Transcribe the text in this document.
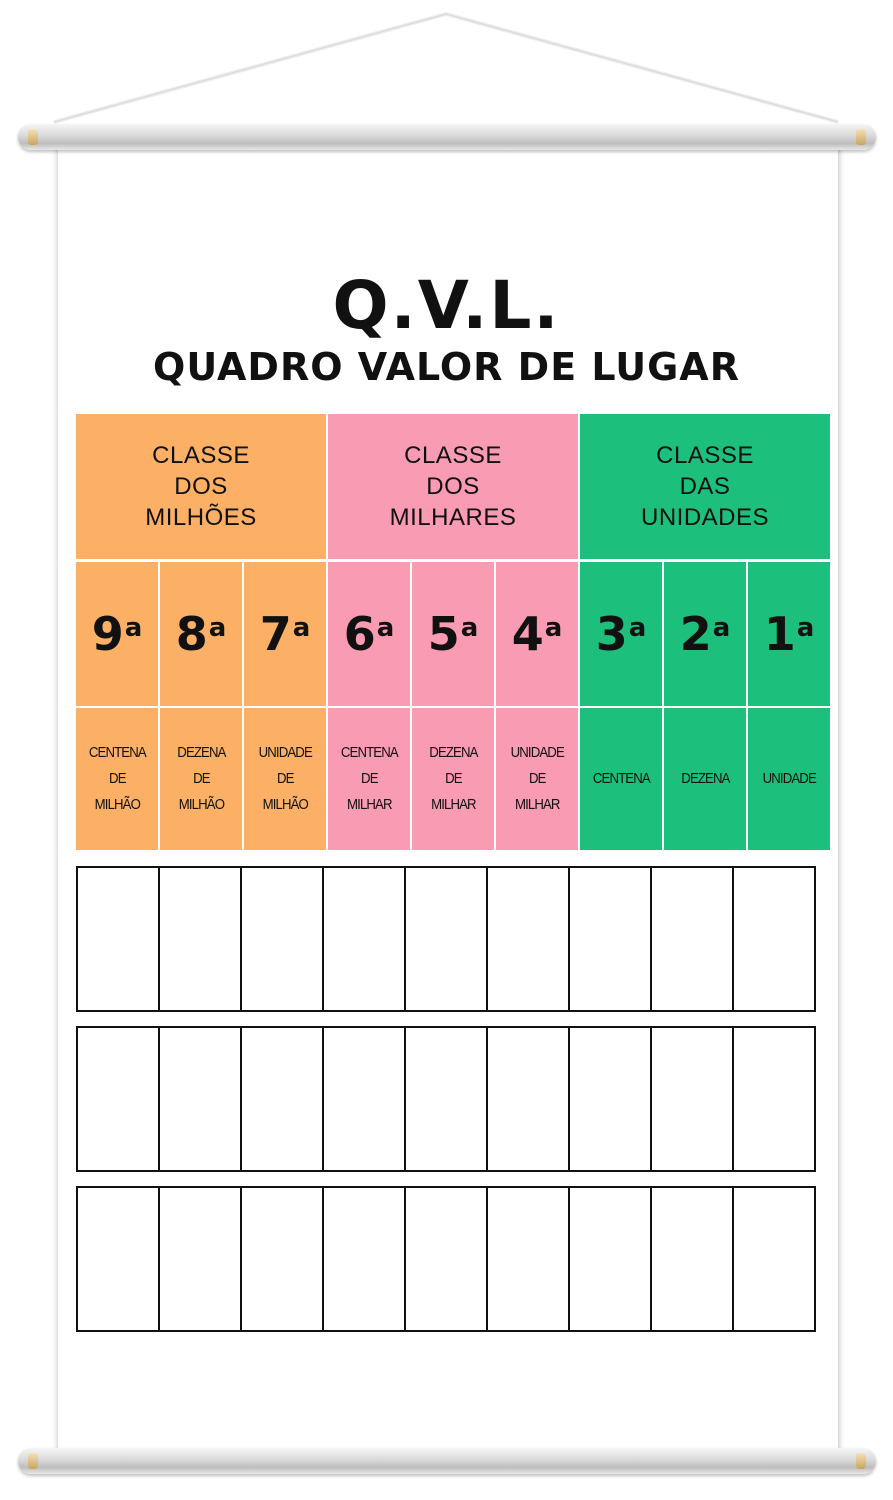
Q.V.L.
QUADRO VALOR DE LUGAR
CLASSE
DOS
MILHÕES
CLASSE
DOS
MILHARES
CLASSE
DAS
UNIDADES
9$^a$
CENTENA
DE
MILHÃO
8$^a$
DEZENA
DE
MILHÃO
7$^a$
UNIDADE
DE
MILHÃO
6$^a$
CENTENA
DE
MILHAR
5$^a$
DEZENA
DE
MILHAR
4$^a$
UNIDADE
DE
MILHAR
3$^a$
CENTENA
2$^a$
DEZENA
1$^a$
UNIDADE
